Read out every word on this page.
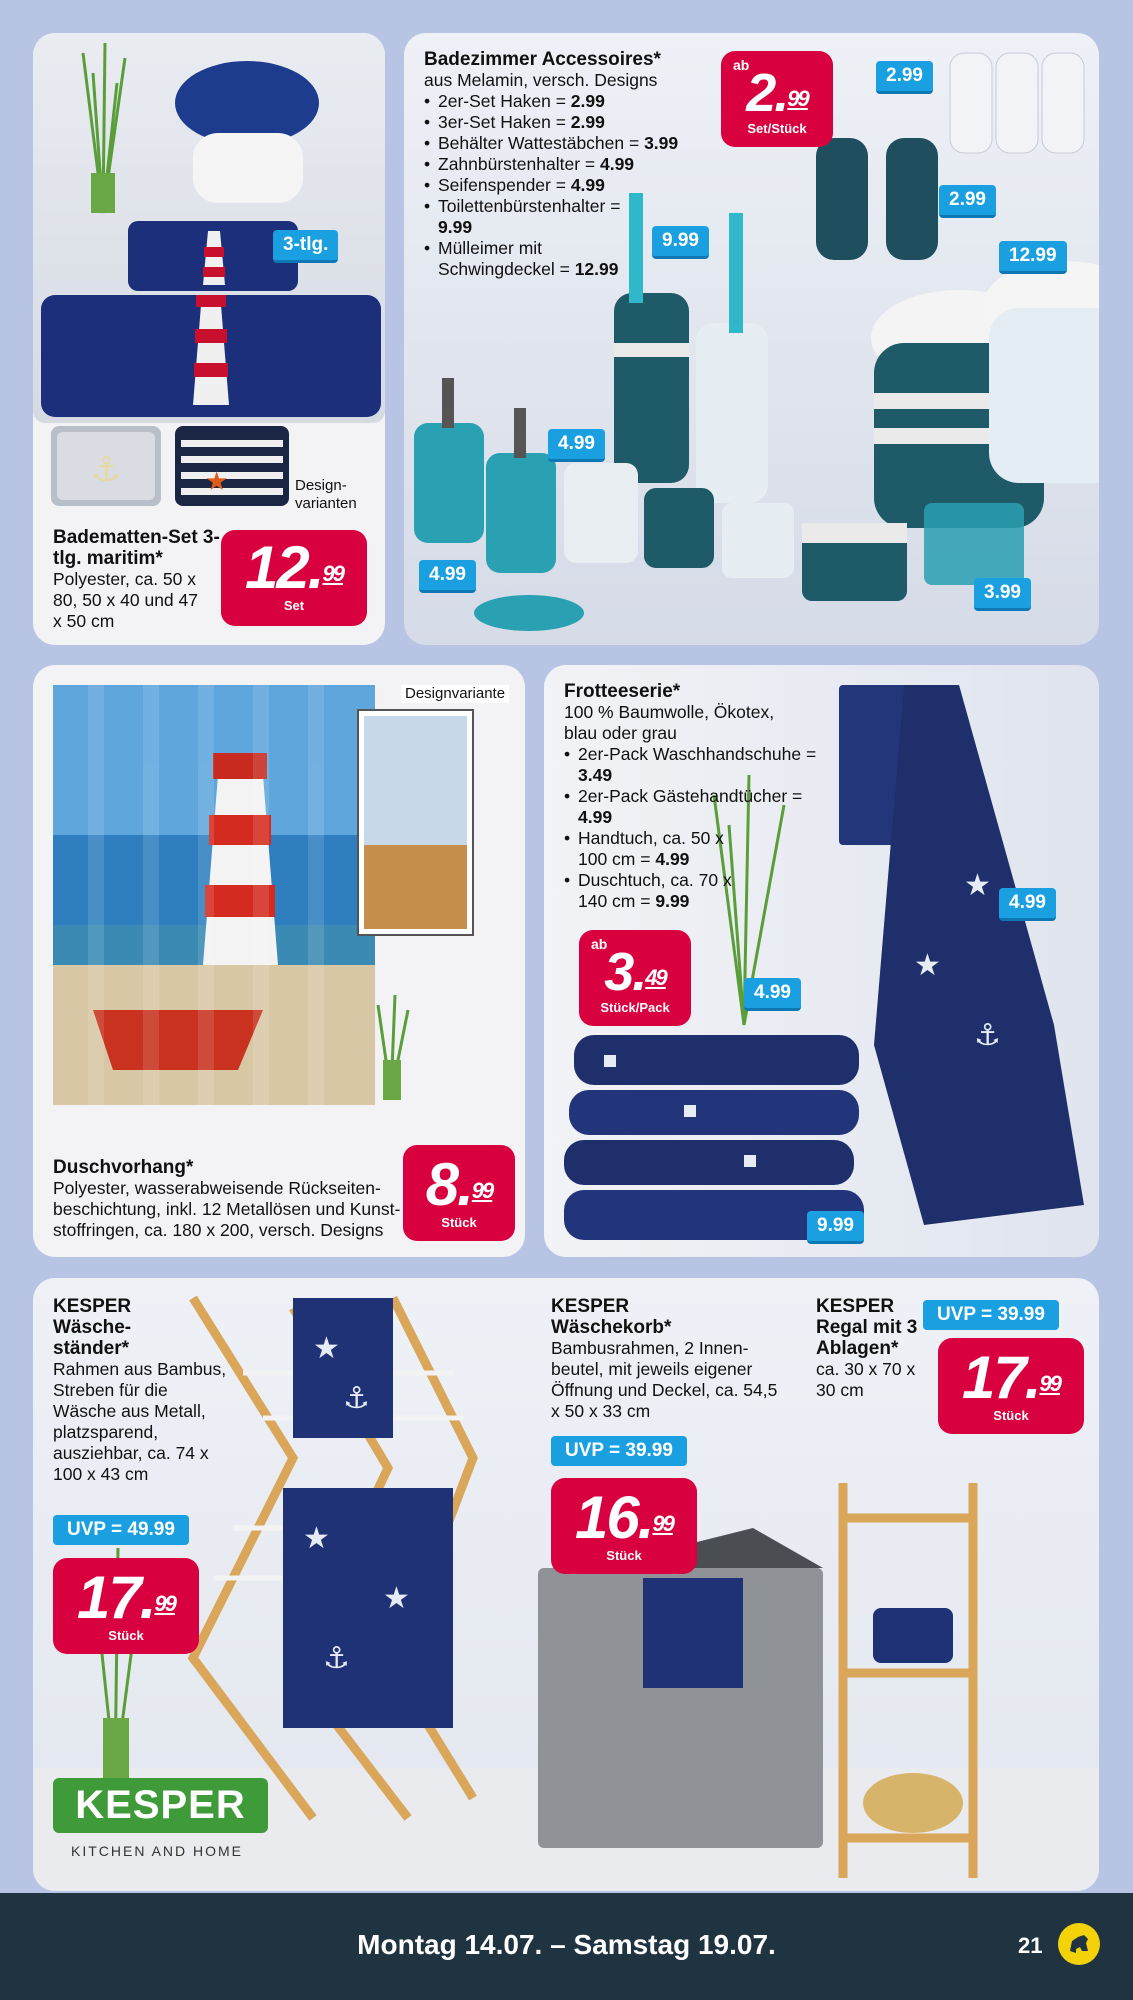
3-tlg.
⚓	★	Design-varianten
Badematten-Set 3-tlg. maritim*
Polyester, ca. 50 x 80, 50 x 40 und 47 x 50 cm
12.99
Set
Badezimmer Accessoires*
aus Melamin, versch. Designs
• 2er-Set Haken = 2.99
• 3er-Set Haken = 2.99
• Behälter Wattestäbchen = 3.99
• Zahnbürstenhalter = 4.99
• Seifenspender = 4.99
• Toilettenbürstenhalter = 9.99
• Mülleimer mit Schwingdeckel = 12.99
ab
2.99
Set/Stück
2.99
2.99
12.99
9.99
4.99
4.99
3.99
Designvariante
Duschvorhang*
Polyester, wasserabweisende Rückseiten-beschichtung, inkl. 12 Metallösen und Kunst-stoffringen, ca. 180 x 200, versch. Designs
8.99
Stück
★
⚓
★
Frotteeserie*
100 % Baumwolle, Ökotex, blau oder grau
• 2er-Pack Waschhandschuhe = 3.49
• 2er-Pack Gästehandtücher = 4.99
• Handtuch, ca. 50 x 100 cm = 4.99
• Duschtuch, ca. 70 x 140 cm = 9.99
ab
3.49
Stück/Pack
4.99
4.99
9.99
★
⚓
★
★
⚓
KESPER
Wäsche-ständer*
Rahmen aus Bambus, Streben für die Wäsche aus Metall, platzsparend, ausziehbar, ca. 74 x 100 x 43 cm
UVP = 49.99
17.99
Stück
KESPER
Wäschekorb*
Bambusrahmen, 2 Innen-beutel, mit jeweils eigener Öffnung und Deckel, ca. 54,5 x 50 x 33 cm
UVP = 39.99
16.99
Stück
KESPER
Regal mit 3 Ablagen*
ca. 30 x 70 x 30 cm
UVP = 39.99
17.99
Stück
KESPER
KITCHEN AND HOME
Montag 14.07. – Samstag 19.07.	21
